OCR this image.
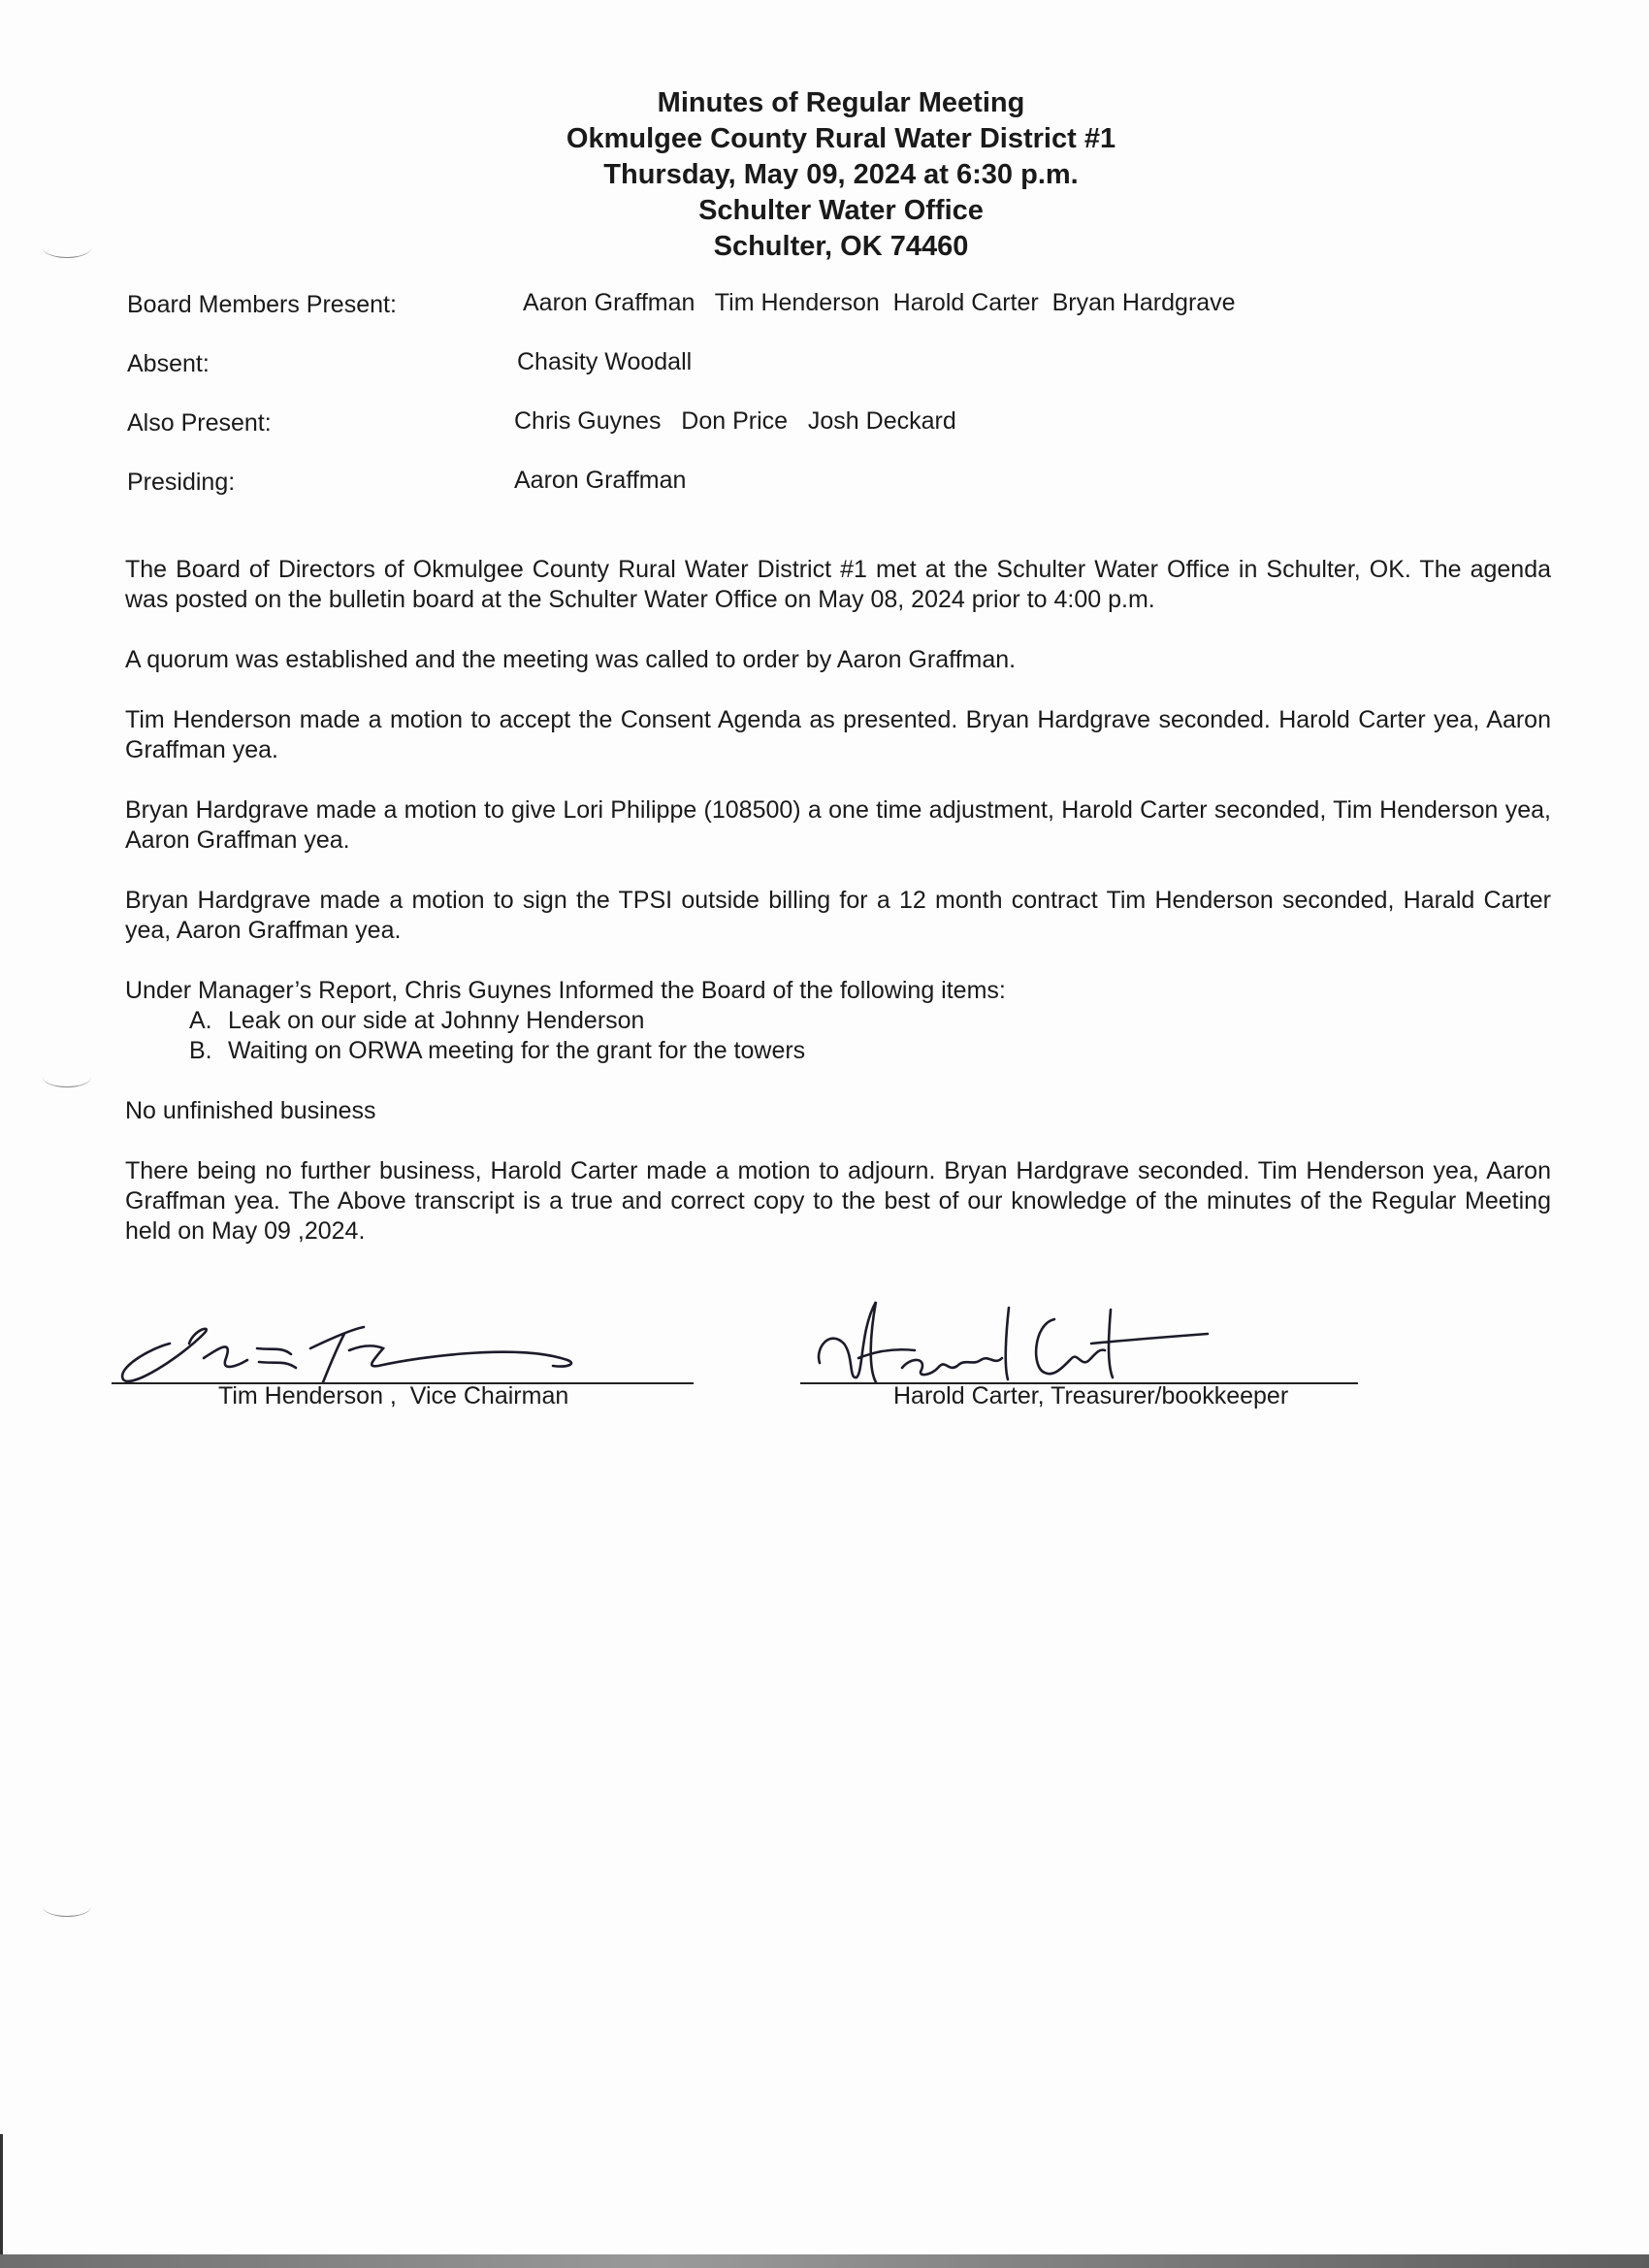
Minutes of Regular Meeting
Okmulgee County Rural Water District #1
Thursday, May 09, 2024 at 6:30 p.m.
Schulter Water Office
Schulter, OK 74460
Board Members Present:	Aaron Graffman   Tim Henderson  Harold Carter  Bryan Hardgrave
Absent:	Chasity Woodall
Also Present:	Chris Guynes   Don Price   Josh Deckard
Presiding:	Aaron Graffman

The Board of Directors of Okmulgee County Rural Water District #1 met at the Schulter Water Office in Schulter, OK. The agenda was posted on the bulletin board at the Schulter Water Office on May 08, 2024 prior to 4:00 p.m.

A quorum was established and the meeting was called to order by Aaron Graffman.

Tim Henderson made a motion to accept the Consent Agenda as presented. Bryan Hardgrave seconded. Harold Carter yea, Aaron Graffman yea.

Bryan Hardgrave made a motion to give Lori Philippe (108500) a one time adjustment, Harold Carter seconded, Tim Henderson yea, Aaron Graffman yea.

Bryan Hardgrave made a motion to sign the TPSI outside billing for a 12 month contract Tim Henderson seconded, Harald Carter yea, Aaron Graffman yea.

Under Manager’s Report, Chris Guynes Informed the Board of the following items:

A. Leak on our side at Johnny Henderson
B. Waiting on ORWA meeting for the grant for the towers

No unfinished business

There being no further business, Harold Carter made a motion to adjourn. Bryan Hardgrave seconded. Tim Henderson yea, Aaron Graffman yea. The Above transcript is a true and correct copy to the best of our knowledge of the minutes of the Regular Meeting held on May 09 ,2024.

Tim Henderson ,  Vice Chairman	Harold Carter, Treasurer/bookkeeper
